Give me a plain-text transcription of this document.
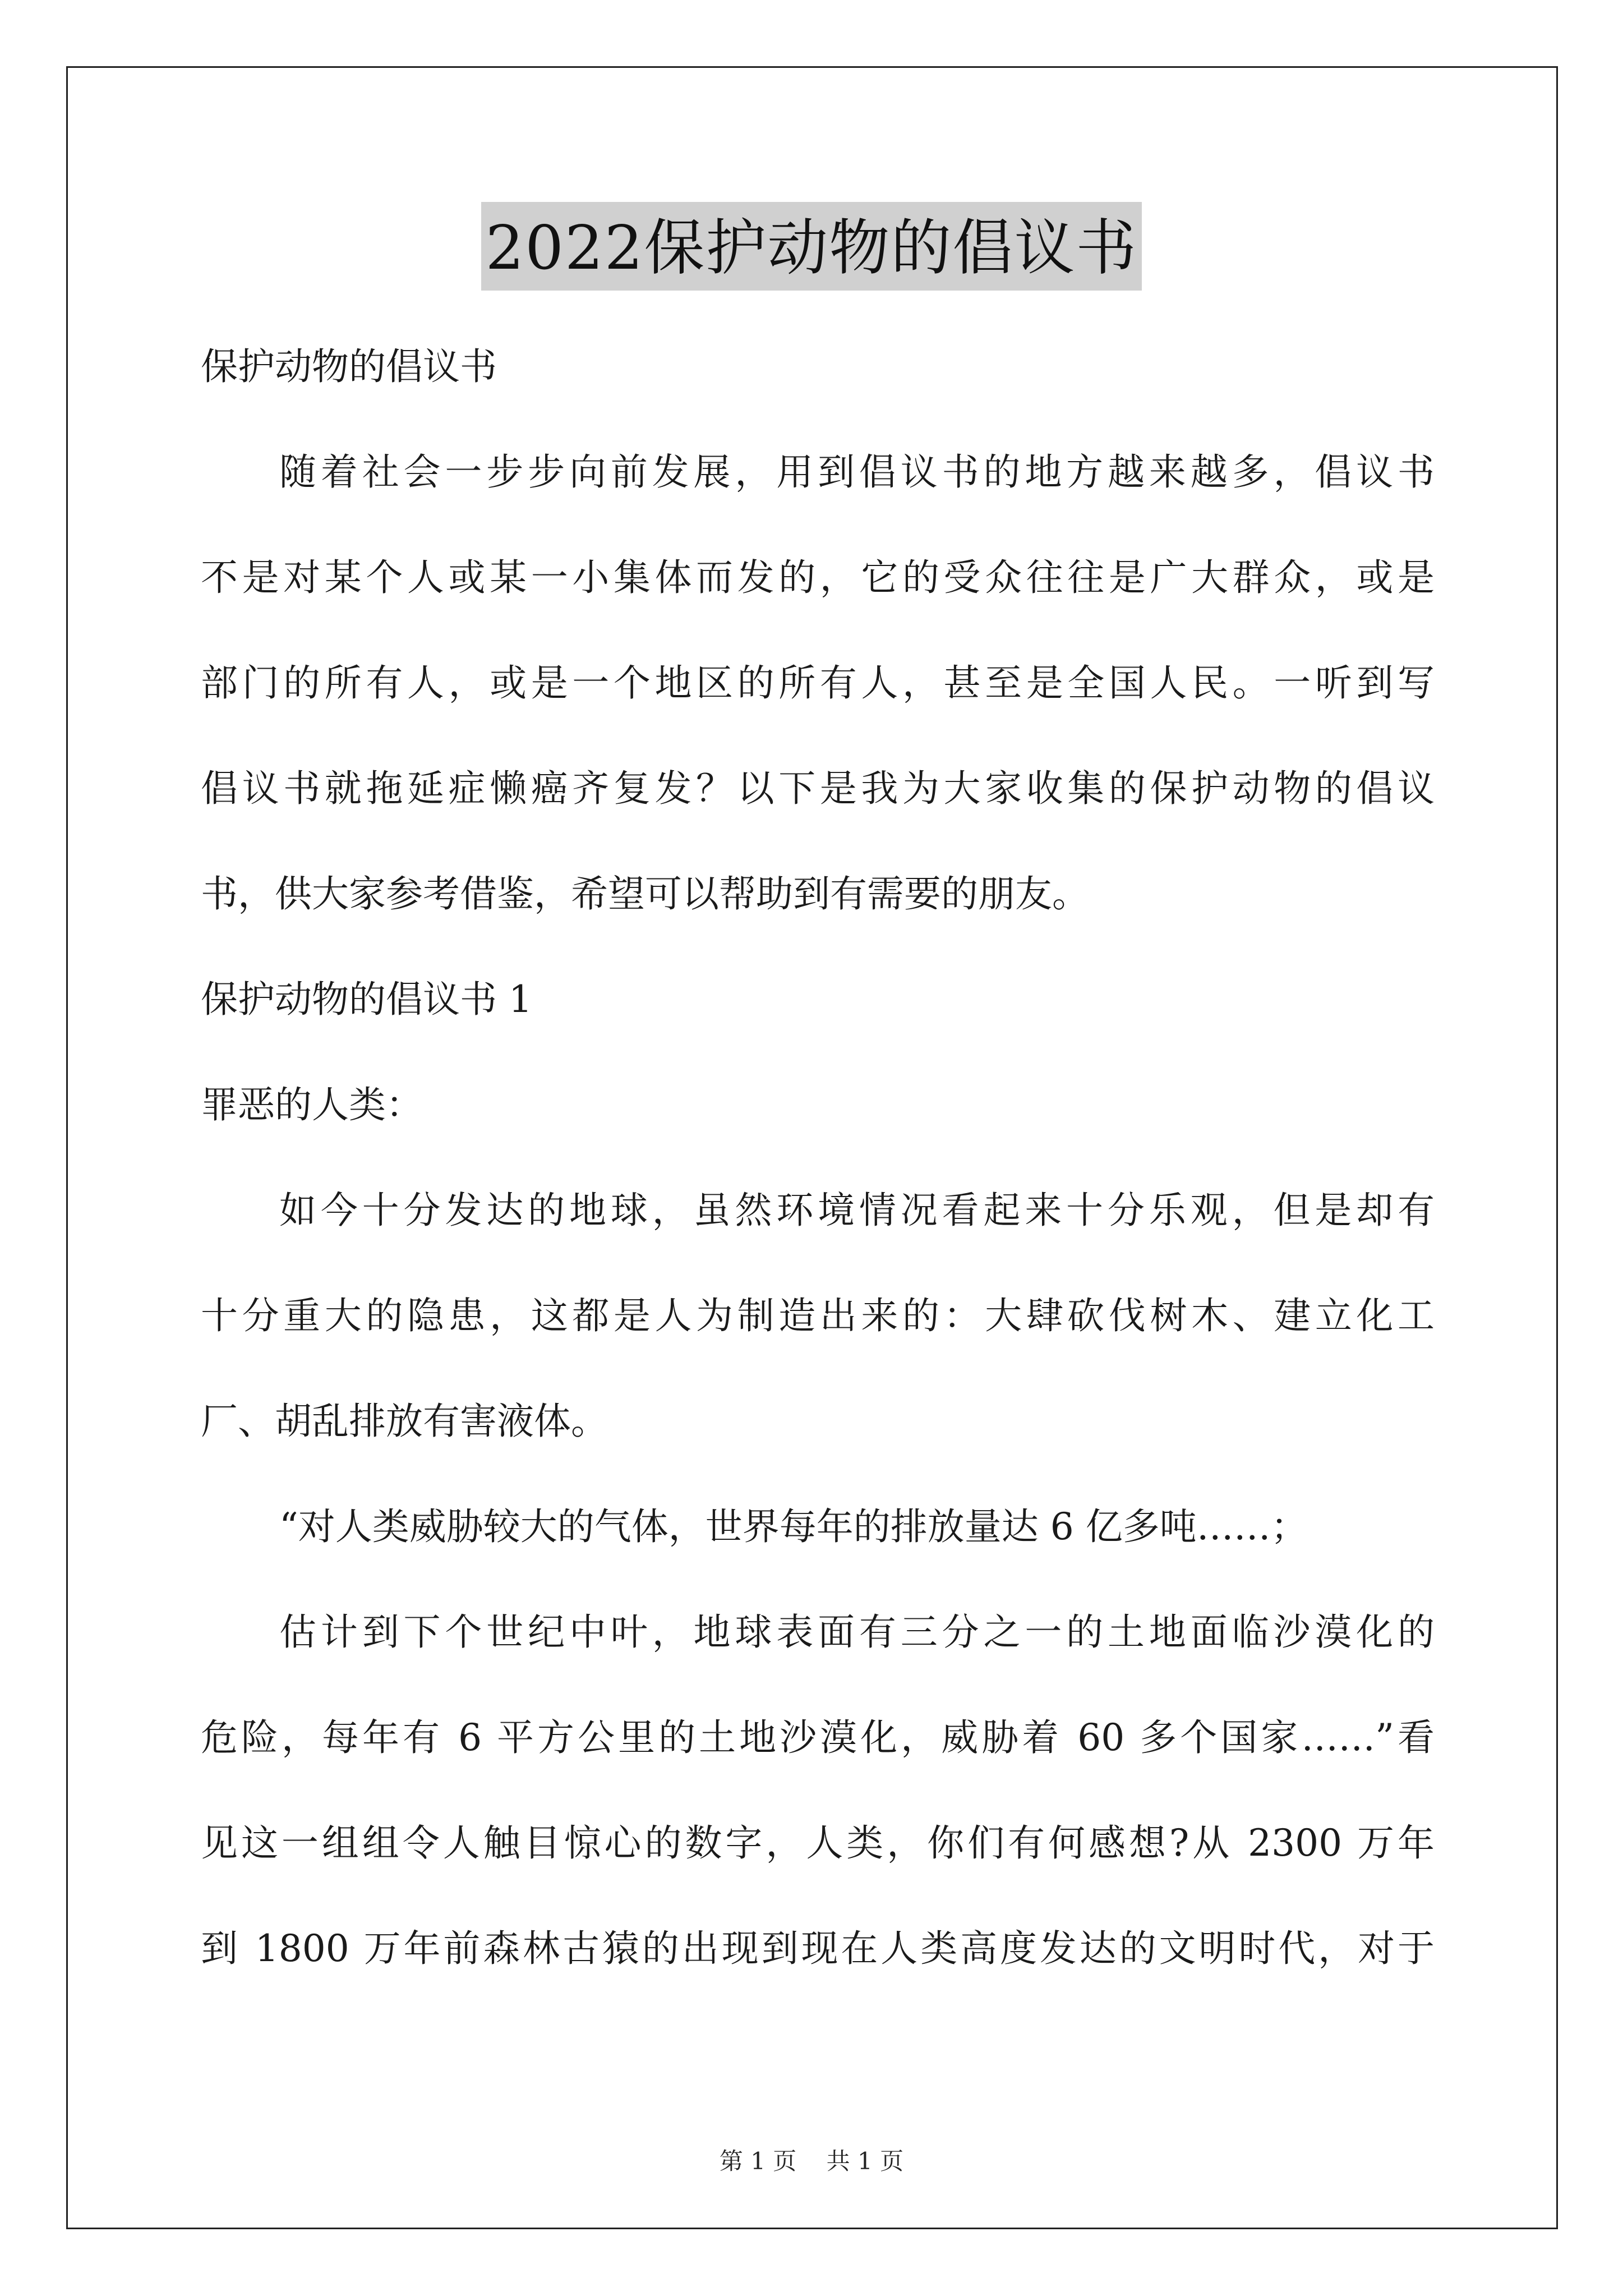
2022保护动物的倡议书
保护动物的倡议书
随着社会一步步向前发展，用到倡议书的地方越来越多，倡议书
不是对某个人或某一小集体而发的，它的受众往往是广大群众，或是
部门的所有人，或是一个地区的所有人，甚至是全国人民。一听到写
倡议书就拖延症懒癌齐复发？以下是我为大家收集的保护动物的倡议
书，供大家参考借鉴，希望可以帮助到有需要的朋友。
保护动物的倡议书 1
罪恶的人类：
如今十分发达的地球，虽然环境情况看起来十分乐观，但是却有
十分重大的隐患，这都是人为制造出来的：大肆砍伐树木、建立化工
厂、胡乱排放有害液体。
“对人类威胁较大的气体，世界每年的排放量达 6 亿多吨……；
估计到下个世纪中叶，地球表面有三分之一的土地面临沙漠化的
危险，每年有 6 平方公里的土地沙漠化，威胁着 60 多个国家……”看
见这一组组令人触目惊心的数字，人类，你们有何感想?从 2300 万年
到 1800 万年前森林古猿的出现到现在人类高度发达的文明时代，对于
第 1 页 共 1 页
